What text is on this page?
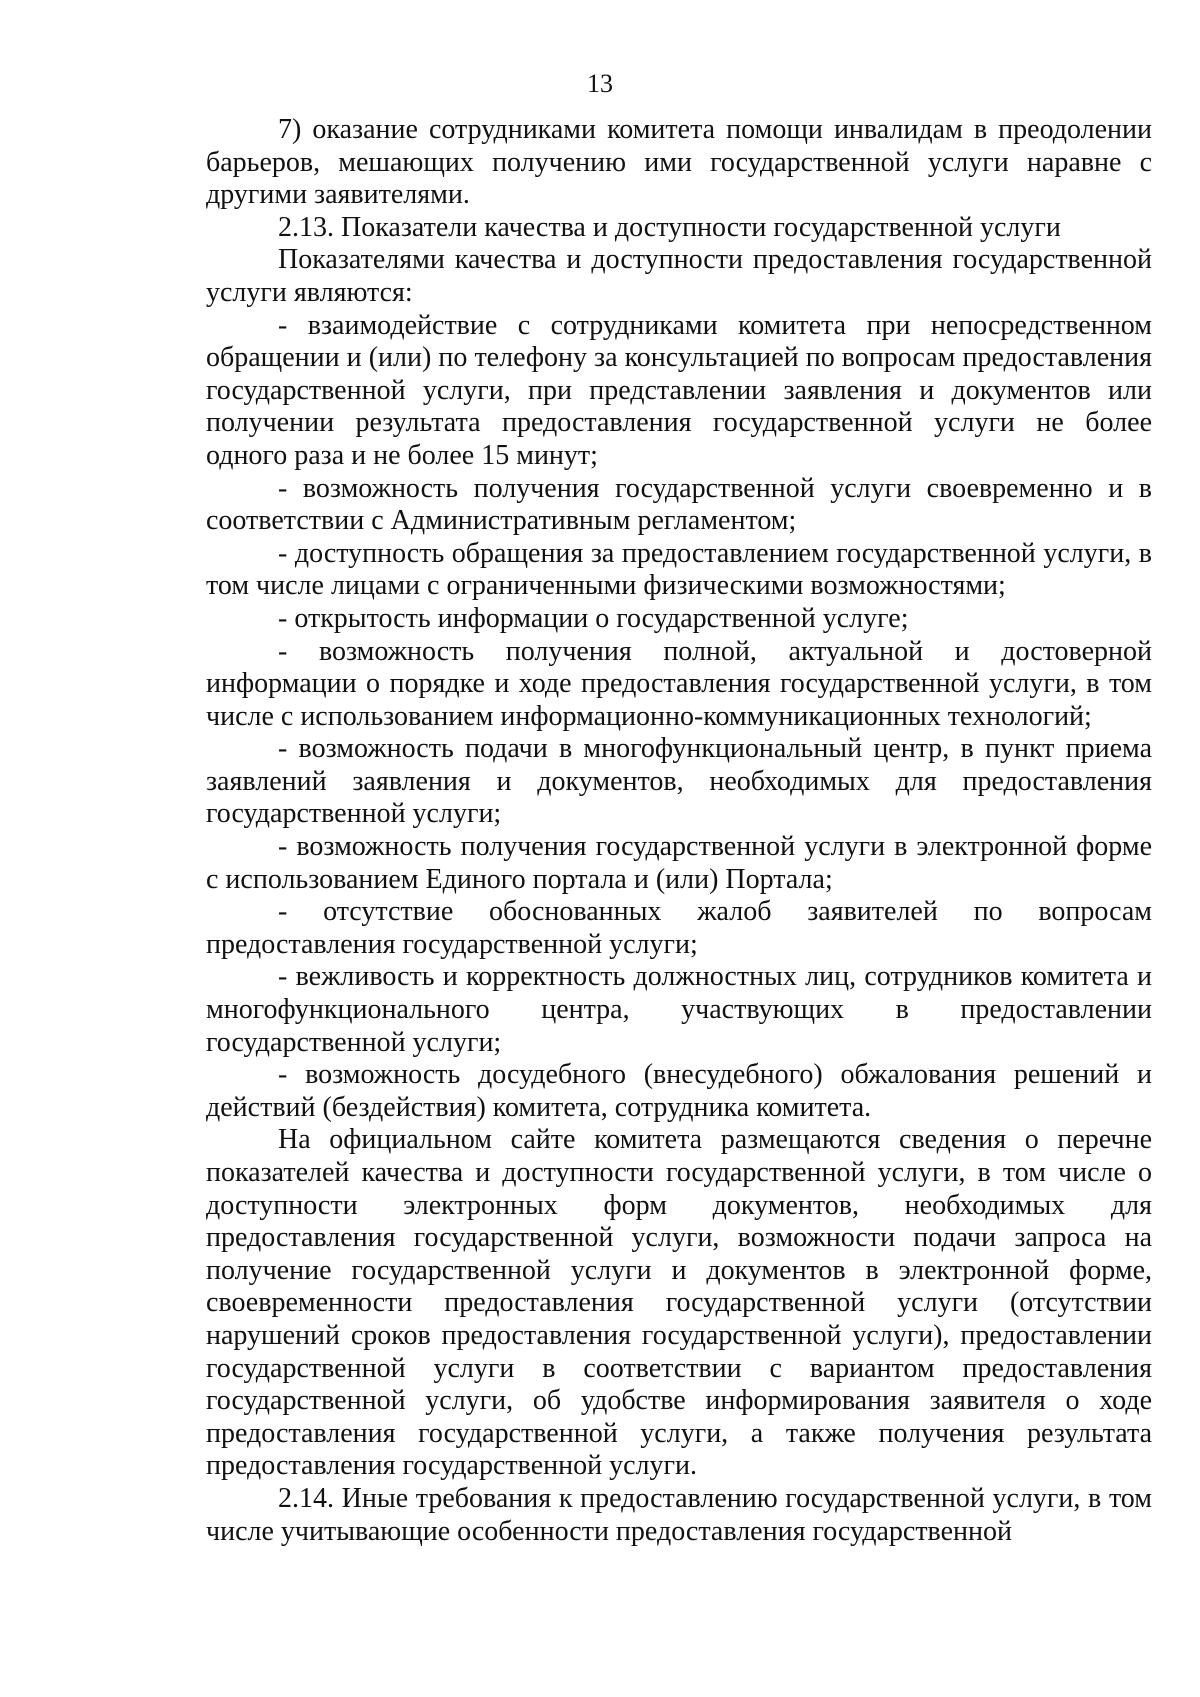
13

7) оказание сотрудниками комитета помощи инвалидам в преодолении барьеров, мешающих получению ими государственной услуги наравне с другими заявителями.

2.13. Показатели качества и доступности государственной услуги

Показателями качества и доступности предоставления государственной услуги являются:

- взаимодействие с сотрудниками комитета при непосредственном обращении и (или) по телефону за консультацией по вопросам предоставления государственной услуги, при представлении заявления и документов или получении результата предоставления государственной услуги не более одного раза и не более 15 минут;

- возможность получения государственной услуги своевременно и в соответствии с Административным регламентом;

- доступность обращения за предоставлением государственной услуги, в том числе лицами с ограниченными физическими возможностями;

- открытость информации о государственной услуге;

- возможность получения полной, актуальной и достоверной информации о порядке и ходе предоставления государственной услуги, в том числе с использованием информационно-коммуникационных технологий;

- возможность подачи в многофункциональный центр, в пункт приема заявлений заявления и документов, необходимых для предоставления государственной услуги;

- возможность получения государственной услуги в электронной форме с использованием Единого портала и (или) Портала;

- отсутствие обоснованных жалоб заявителей по вопросам предоставления государственной услуги;

- вежливость и корректность должностных лиц, сотрудников комитета и многофункционального центра, участвующих в предоставлении государственной услуги;

- возможность досудебного (внесудебного) обжалования решений и действий (бездействия) комитета, сотрудника комитета.

На официальном сайте комитета размещаются сведения о перечне показателей качества и доступности государственной услуги, в том числе о доступности электронных форм документов, необходимых для предоставления государственной услуги, возможности подачи запроса на получение государственной услуги и документов в электронной форме, своевременности предоставления государственной услуги (отсутствии нарушений сроков предоставления государственной услуги), предоставлении государственной услуги в соответствии с вариантом предоставления государственной услуги, об удобстве информирования заявителя о ходе предоставления государственной услуги, а также получения результата предоставления государственной услуги.

2.14. Иные требования к предоставлению государственной услуги, в том числе учитывающие особенности предоставления государственной
